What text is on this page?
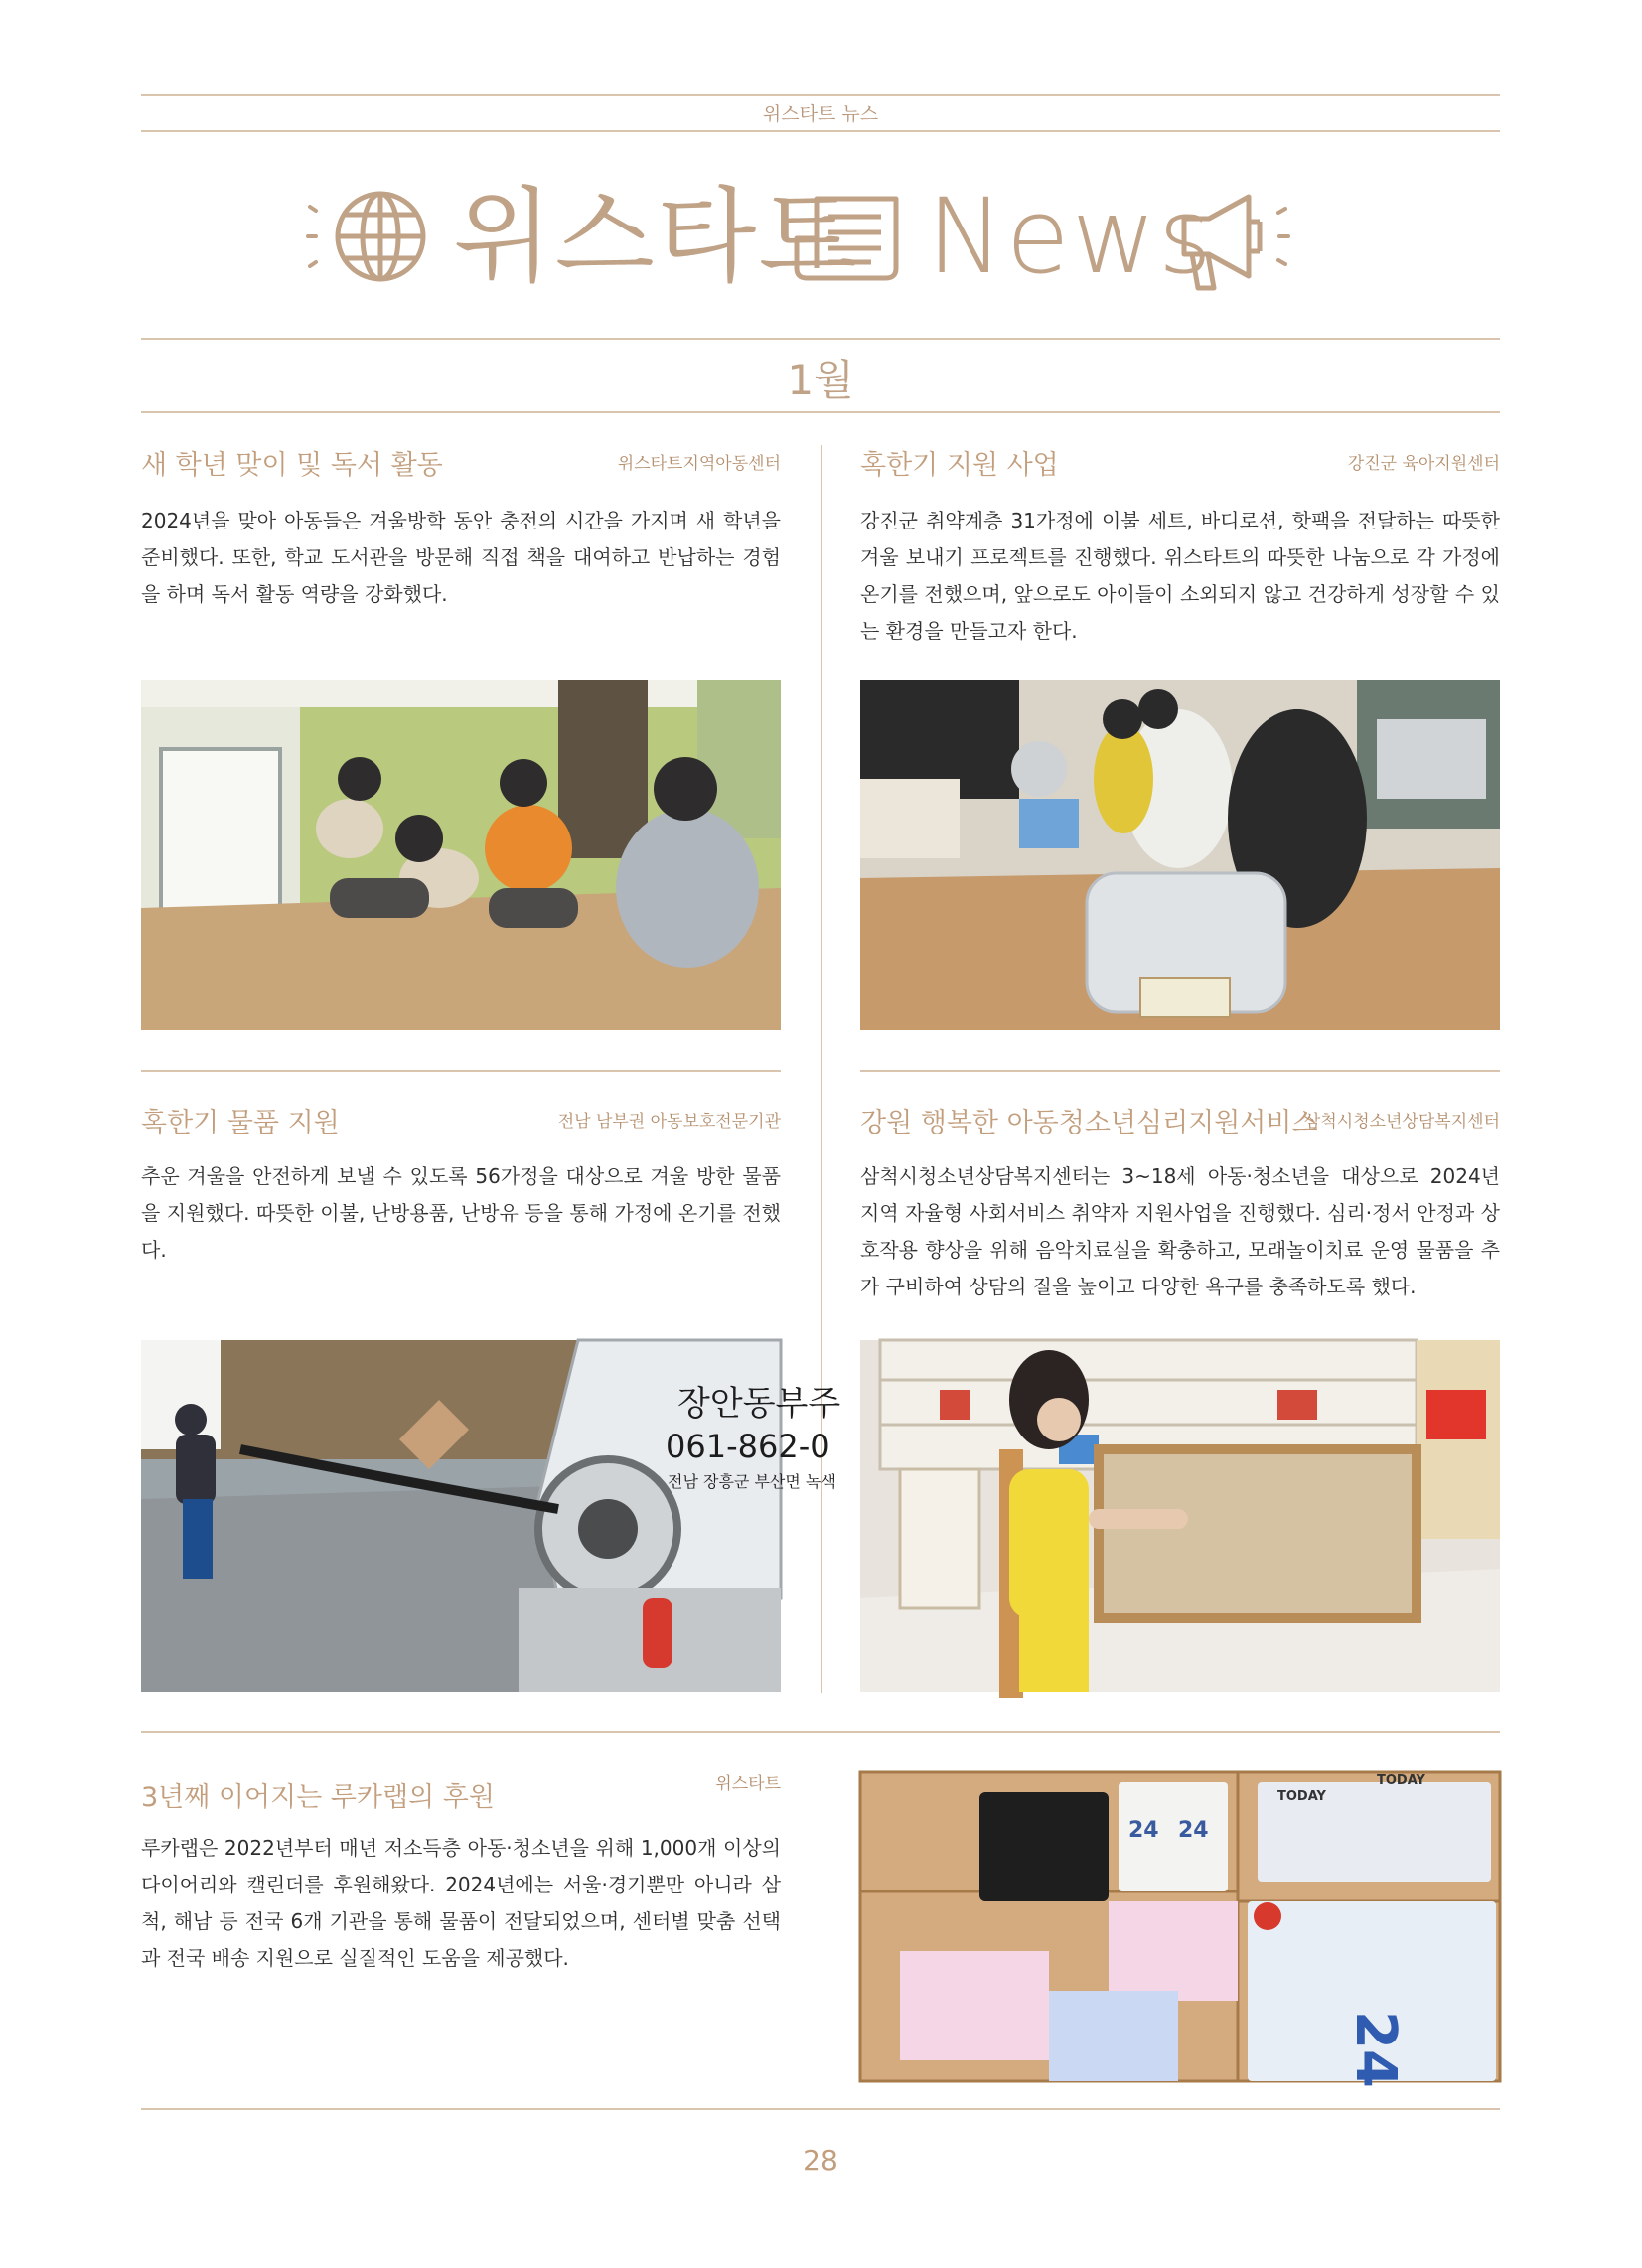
위스타트 뉴스
위스타트 News
1월
새 학년 맞이 및 독서 활동	위스타트지역아동센터

2024년을 맞아 아동들은 겨울방학 동안 충전의 시간을 가지며 새 학년을 준비했다. 또한, 학교 도서관을 방문해 직접 책을 대여하고 반납하는 경험을 하며 독서 활동 역량을 강화했다.

혹한기 지원 사업	강진군 육아지원센터

강진군 취약계층 31가정에 이불 세트, 바디로션, 핫팩을 전달하는 따뜻한 겨울 보내기 프로젝트를 진행했다. 위스타트의 따뜻한 나눔으로 각 가정에 온기를 전했으며, 앞으로도 아이들이 소외되지 않고 건강하게 성장할 수 있는 환경을 만들고자 한다.

혹한기 물품 지원	전남 남부권 아동보호전문기관

추운 겨울을 안전하게 보낼 수 있도록 56가정을 대상으로 겨울 방한 물품을 지원했다. 따뜻한 이불, 난방용품, 난방유 등을 통해 가정에 온기를 전했다.

장안동부주
061-862-0
전남 장흥군 부산면 녹색
강원 행복한 아동청소년심리지원서비스
삼척시청소년상담복지센터

삼척시청소년상담복지센터는 3~18세 아동·청소년을 대상으로 2024년 지역 자율형 사회서비스 취약자 지원사업을 진행했다. 심리·정서 안정과 상호작용 향상을 위해 음악치료실을 확충하고, 모래놀이치료 운영 물품을 추가 구비하여 상담의 질을 높이고 다양한 욕구를 충족하도록 했다.

3년째 이어지는 루카랩의 후원	위스타트

루카랩은 2022년부터 매년 저소득층 아동·청소년을 위해 1,000개 이상의 다이어리와 캘린더를 후원해왔다. 2024년에는 서울·경기뿐만 아니라 삼척, 해남 등 전국 6개 기관을 통해 물품이 전달되었으며, 센터별 맞춤 선택과 전국 배송 지원으로 실질적인 도움을 제공했다.

24 24
TODAY
TODAY
24
28
